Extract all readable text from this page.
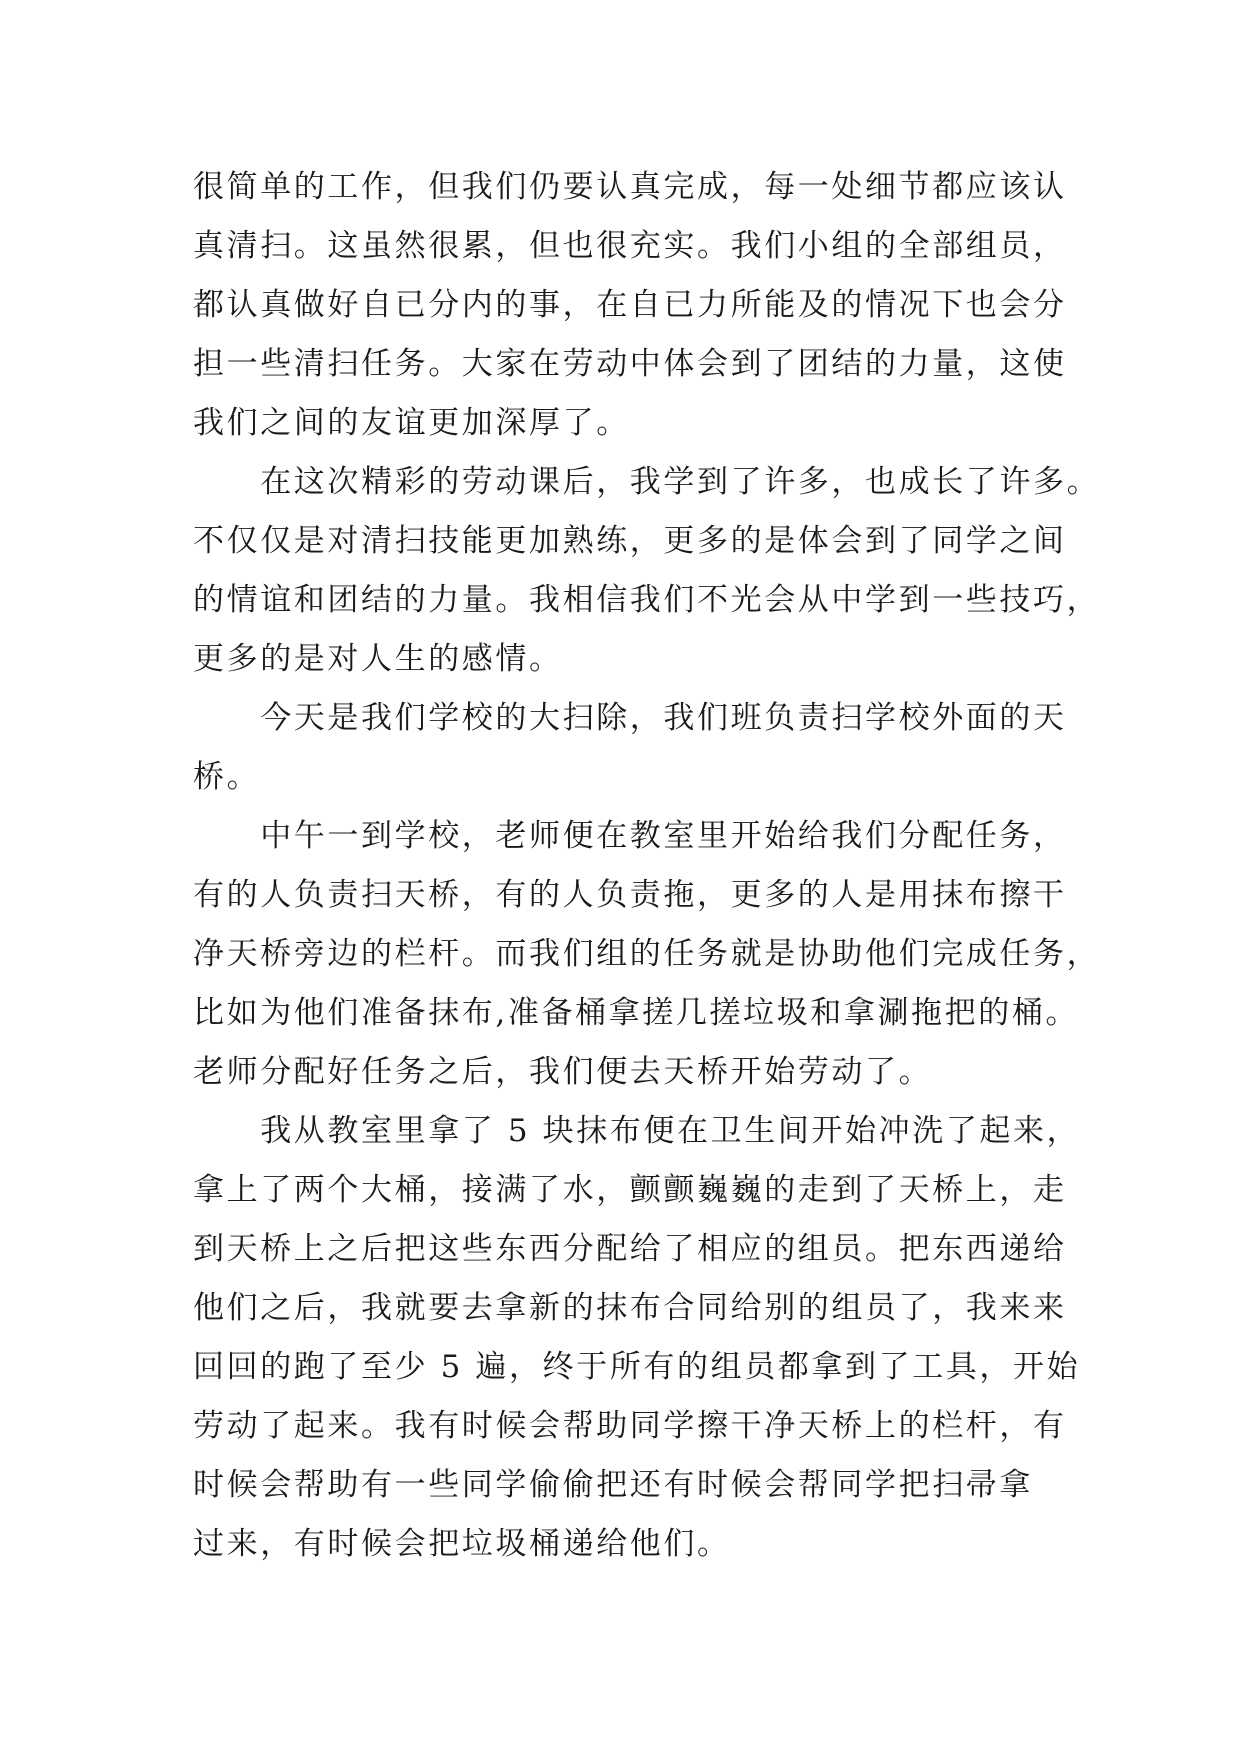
很简单的工作，但我们仍要认真完成，每一处细节都应该认
真清扫。这虽然很累，但也很充实。我们小组的全部组员，
都认真做好自已分内的事，在自已力所能及的情况下也会分
担一些清扫任务。大家在劳动中体会到了团结的力量，这使
我们之间的友谊更加深厚了。
　　在这次精彩的劳动课后，我学到了许多，也成长了许多。
不仅仅是对清扫技能更加熟练，更多的是体会到了同学之间
的情谊和团结的力量。我相信我们不光会从中学到一些技巧，
更多的是对人生的感情。
　　今天是我们学校的大扫除，我们班负责扫学校外面的天
桥。
　　中午一到学校，老师便在教室里开始给我们分配任务，
有的人负责扫天桥，有的人负责拖，更多的人是用抹布擦干
净天桥旁边的栏杆。而我们组的任务就是协助他们完成任务，
比如为他们准备抹布,准备桶拿搓几搓垃圾和拿涮拖把的桶。
老师分配好任务之后，我们便去天桥开始劳动了。
　　我从教室里拿了 5 块抹布便在卫生间开始冲洗了起来，
拿上了两个大桶，接满了水，颤颤巍巍的走到了天桥上，走
到天桥上之后把这些东西分配给了相应的组员。把东西递给
他们之后，我就要去拿新的抹布合同给别的组员了，我来来
回回的跑了至少 5 遍，终于所有的组员都拿到了工具，开始
劳动了起来。我有时候会帮助同学擦干净天桥上的栏杆，有
时候会帮助有一些同学偷偷把还有时候会帮同学把扫帚拿
过来，有时候会把垃圾桶递给他们。
